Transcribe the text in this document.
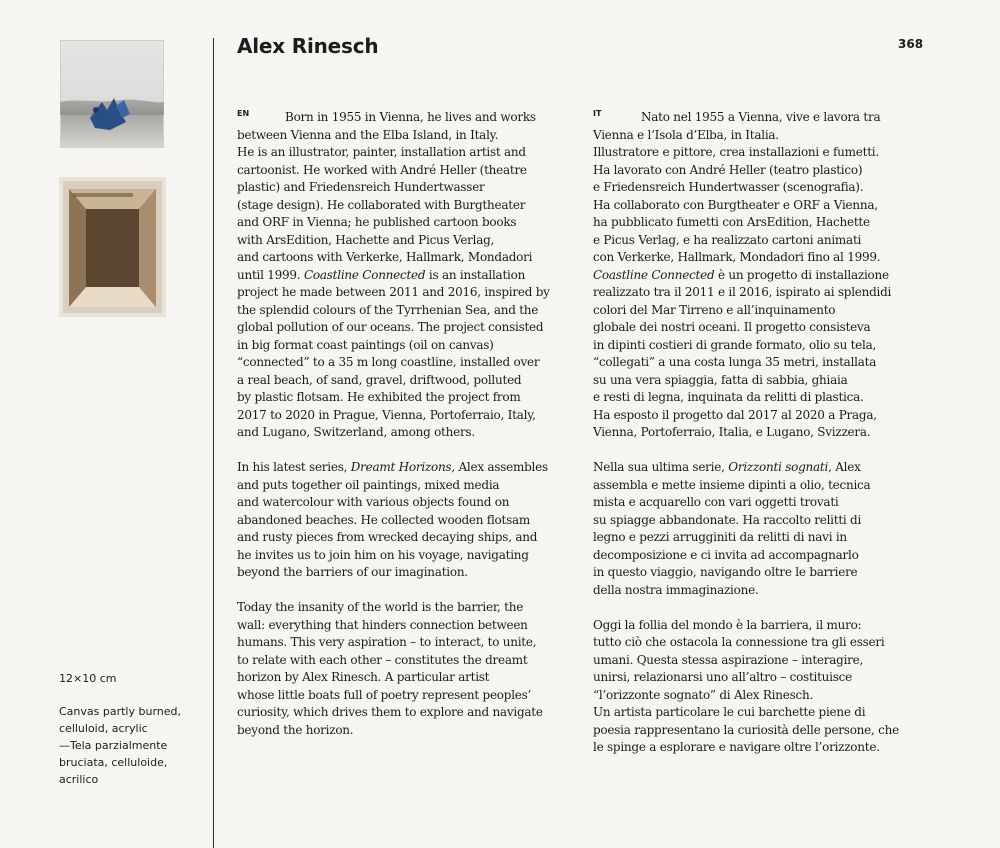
Alex Rinesch	368
12×10 cm
Canvas partly burned,
celluloid, acrylic
—Tela parzialmente
bruciata, celluloide,
acrilico
EN	IT

Born in 1955 in Vienna, he lives and works
between Vienna and the Elba Island, in Italy.
He is an illustrator, painter, installation artist and
cartoonist. He worked with André Heller (theatre
plastic) and Friedensreich Hundertwasser
(stage design). He collaborated with Burgtheater
and ORF in Vienna; he published cartoon books
with ArsEdition, Hachette and Picus Verlag,
and cartoons with Verkerke, Hallmark, Mondadori
until 1999. Coastline Connected is an installation
project he made between 2011 and 2016, inspired by
the splendid colours of the Tyrrhenian Sea, and the
global pollution of our oceans. The project consisted
in big format coast paintings (oil on canvas)
“connected” to a 35 m long coastline, installed over
a real beach, of sand, gravel, driftwood, polluted
by plastic flotsam. He exhibited the project from
2017 to 2020 in Prague, Vienna, Portoferraio, Italy,
and Lugano, Switzerland, among others.

In his latest series, Dreamt Horizons, Alex assembles
and puts together oil paintings, mixed media
and watercolour with various objects found on
abandoned beaches. He collected wooden flotsam
and rusty pieces from wrecked decaying ships, and
he invites us to join him on his voyage, navigating
beyond the barriers of our imagination.

Today the insanity of the world is the barrier, the
wall: everything that hinders connection between
humans. This very aspiration – to interact, to unite,
to relate with each other – constitutes the dreamt
horizon by Alex Rinesch. A particular artist
whose little boats full of poetry represent peoples’
curiosity, which drives them to explore and navigate
beyond the horizon.

Nato nel 1955 a Vienna, vive e lavora tra
Vienna e l’Isola d’Elba, in Italia.
Illustratore e pittore, crea installazioni e fumetti.
Ha lavorato con André Heller (teatro plastico)
e Friedensreich Hundertwasser (scenografia).
Ha collaborato con Burgtheater e ORF a Vienna,
ha pubblicato fumetti con ArsEdition, Hachette
e Picus Verlag, e ha realizzato cartoni animati
con Verkerke, Hallmark, Mondadori fino al 1999.
Coastline Connected è un progetto di installazione
realizzato tra il 2011 e il 2016, ispirato ai splendidi
colori del Mar Tirreno e all’inquinamento
globale dei nostri oceani. Il progetto consisteva
in dipinti costieri di grande formato, olio su tela,
“collegati” a una costa lunga 35 metri, installata
su una vera spiaggia, fatta di sabbia, ghiaia
e resti di legna, inquinata da relitti di plastica.
Ha esposto il progetto dal 2017 al 2020 a Praga,
Vienna, Portoferraio, Italia, e Lugano, Svizzera.

Nella sua ultima serie, Orizzonti sognati, Alex
assembla e mette insieme dipinti a olio, tecnica
mista e acquarello con vari oggetti trovati
su spiagge abbandonate. Ha raccolto relitti di
legno e pezzi arrugginiti da relitti di navi in
decomposizione e ci invita ad accompagnarlo
in questo viaggio, navigando oltre le barriere
della nostra immaginazione.

Oggi la follia del mondo è la barriera, il muro:
tutto ciò che ostacola la connessione tra gli esseri
umani. Questa stessa aspirazione – interagire,
unirsi, relazionarsi uno all’altro – costituisce
“l’orizzonte sognato” di Alex Rinesch.
Un artista particolare le cui barchette piene di
poesia rappresentano la curiosità delle persone, che
le spinge a esplorare e navigare oltre l’orizzonte.
